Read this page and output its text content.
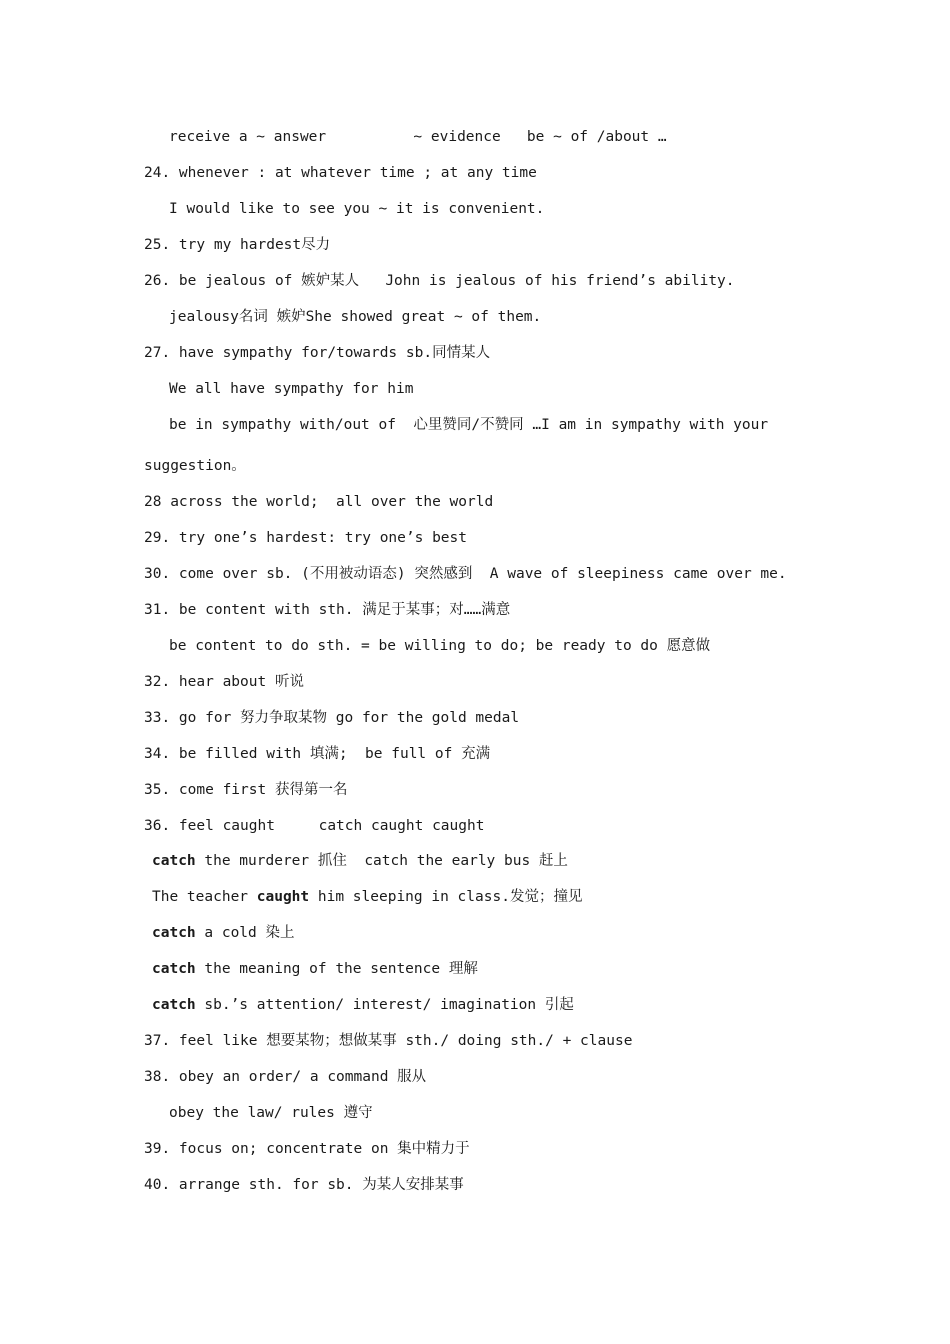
receive a ~ answer          ~ evidence   be ~ of /about …
24. whenever : at whatever time ; at any time
I would like to see you ~ it is convenient.
25. try my hardest尽力
26. be jealous of 嫉妒某人   John is jealous of his friend’s ability.
jealousy名词 嫉妒She showed great ~ of them.
27. have sympathy for/towards sb.同情某人
We all have sympathy for him
be in sympathy with/out of  心里赞同/不赞同 …I am in sympathy with your
suggestion。
28 across the world;  all over the world
29. try one’s hardest: try one’s best
30. come over sb. (不用被动语态) 突然感到  A wave of sleepiness came over me.
31. be content with sth. 满足于某事；对……满意
be content to do sth. = be willing to do; be ready to do 愿意做
32. hear about 听说
33. go for 努力争取某物 go for the gold medal
34. be filled with 填满;  be full of 充满
35. come first 获得第一名
36. feel caught     catch caught caught
catch the murderer 抓住  catch the early bus 赶上
The teacher caught him sleeping in class.发觉；撞见
catch a cold 染上
catch the meaning of the sentence 理解
catch sb.’s attention/ interest/ imagination 引起
37. feel like 想要某物；想做某事 sth./ doing sth./ + clause
38. obey an order/ a command 服从
obey the law/ rules 遵守
39. focus on; concentrate on 集中精力于
40. arrange sth. for sb. 为某人安排某事
